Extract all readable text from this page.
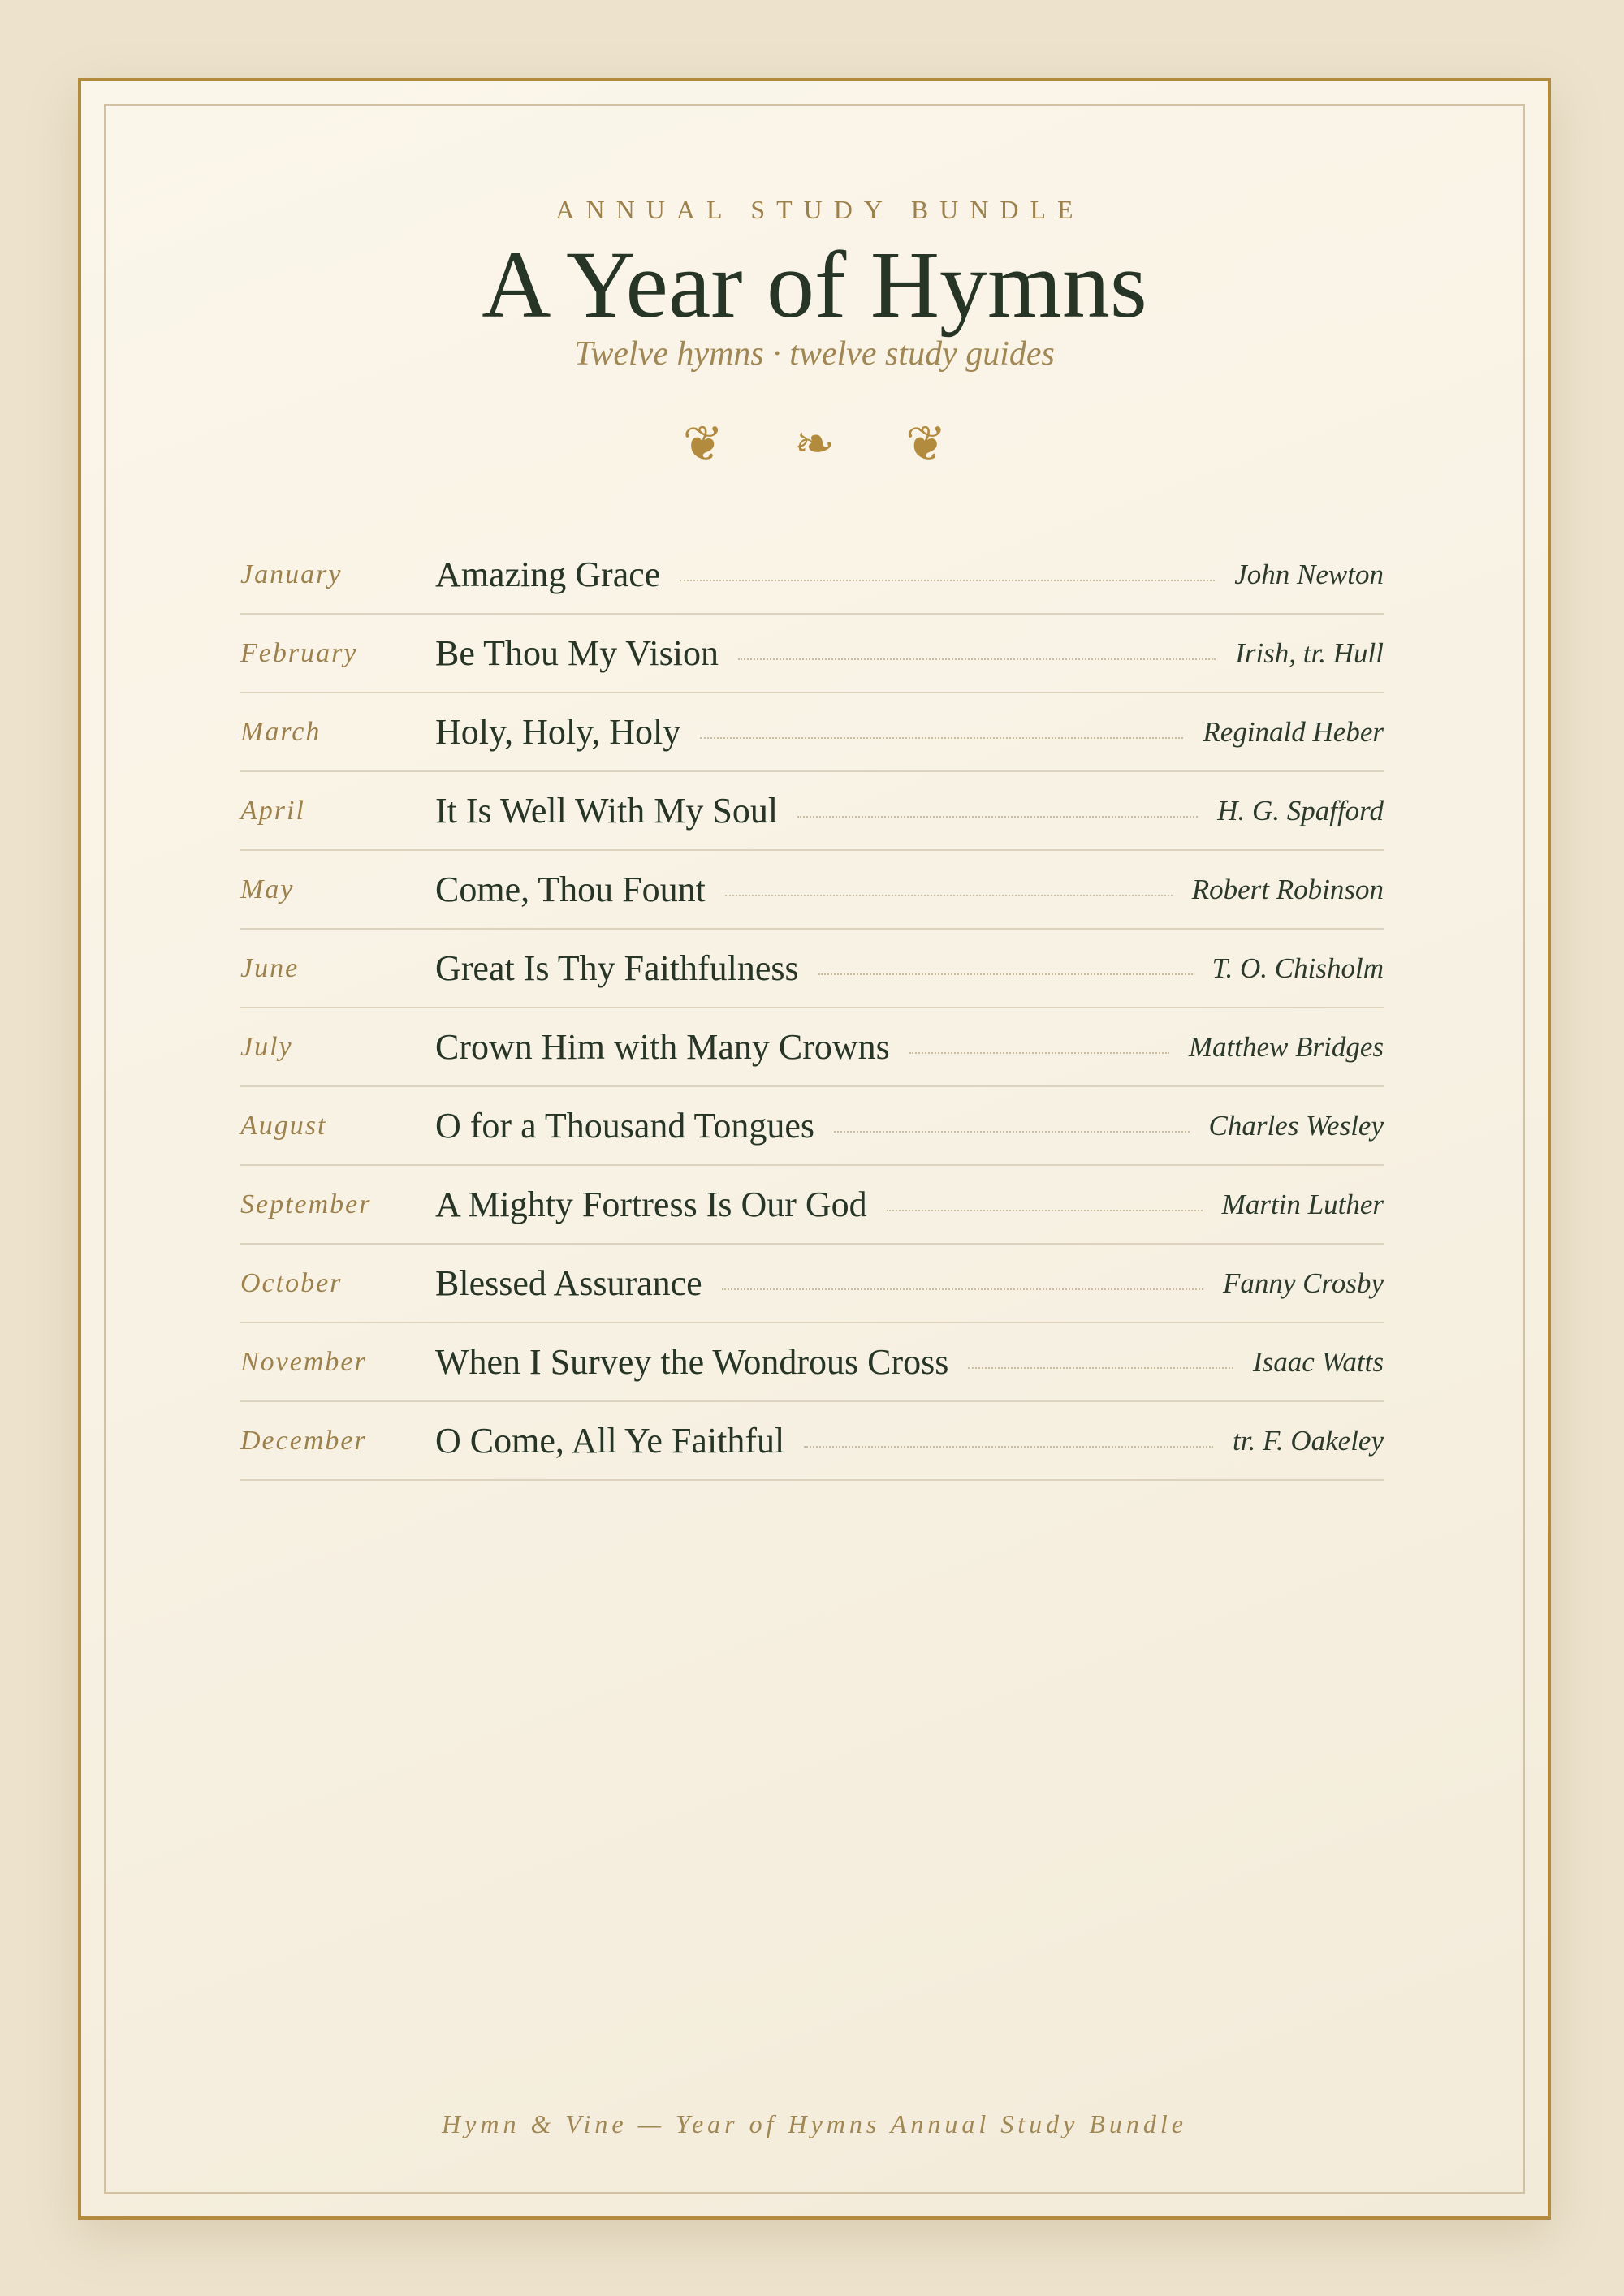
ANNUAL STUDY BUNDLE
A Year of Hymns
Twelve hymns · twelve study guides
❦ ❧ ❦
January	Amazing Grace	John Newton
February	Be Thou My Vision	Irish, tr. Hull
March	Holy, Holy, Holy	Reginald Heber
April	It Is Well With My Soul	H. G. Spafford
May	Come, Thou Fount	Robert Robinson
June	Great Is Thy Faithfulness	T. O. Chisholm
July	Crown Him with Many Crowns	Matthew Bridges
August	O for a Thousand Tongues	Charles Wesley
September	A Mighty Fortress Is Our God	Martin Luther
October	Blessed Assurance	Fanny Crosby
November	When I Survey the Wondrous Cross	Isaac Watts
December	O Come, All Ye Faithful	tr. F. Oakeley
Hymn & Vine — Year of Hymns Annual Study Bundle
